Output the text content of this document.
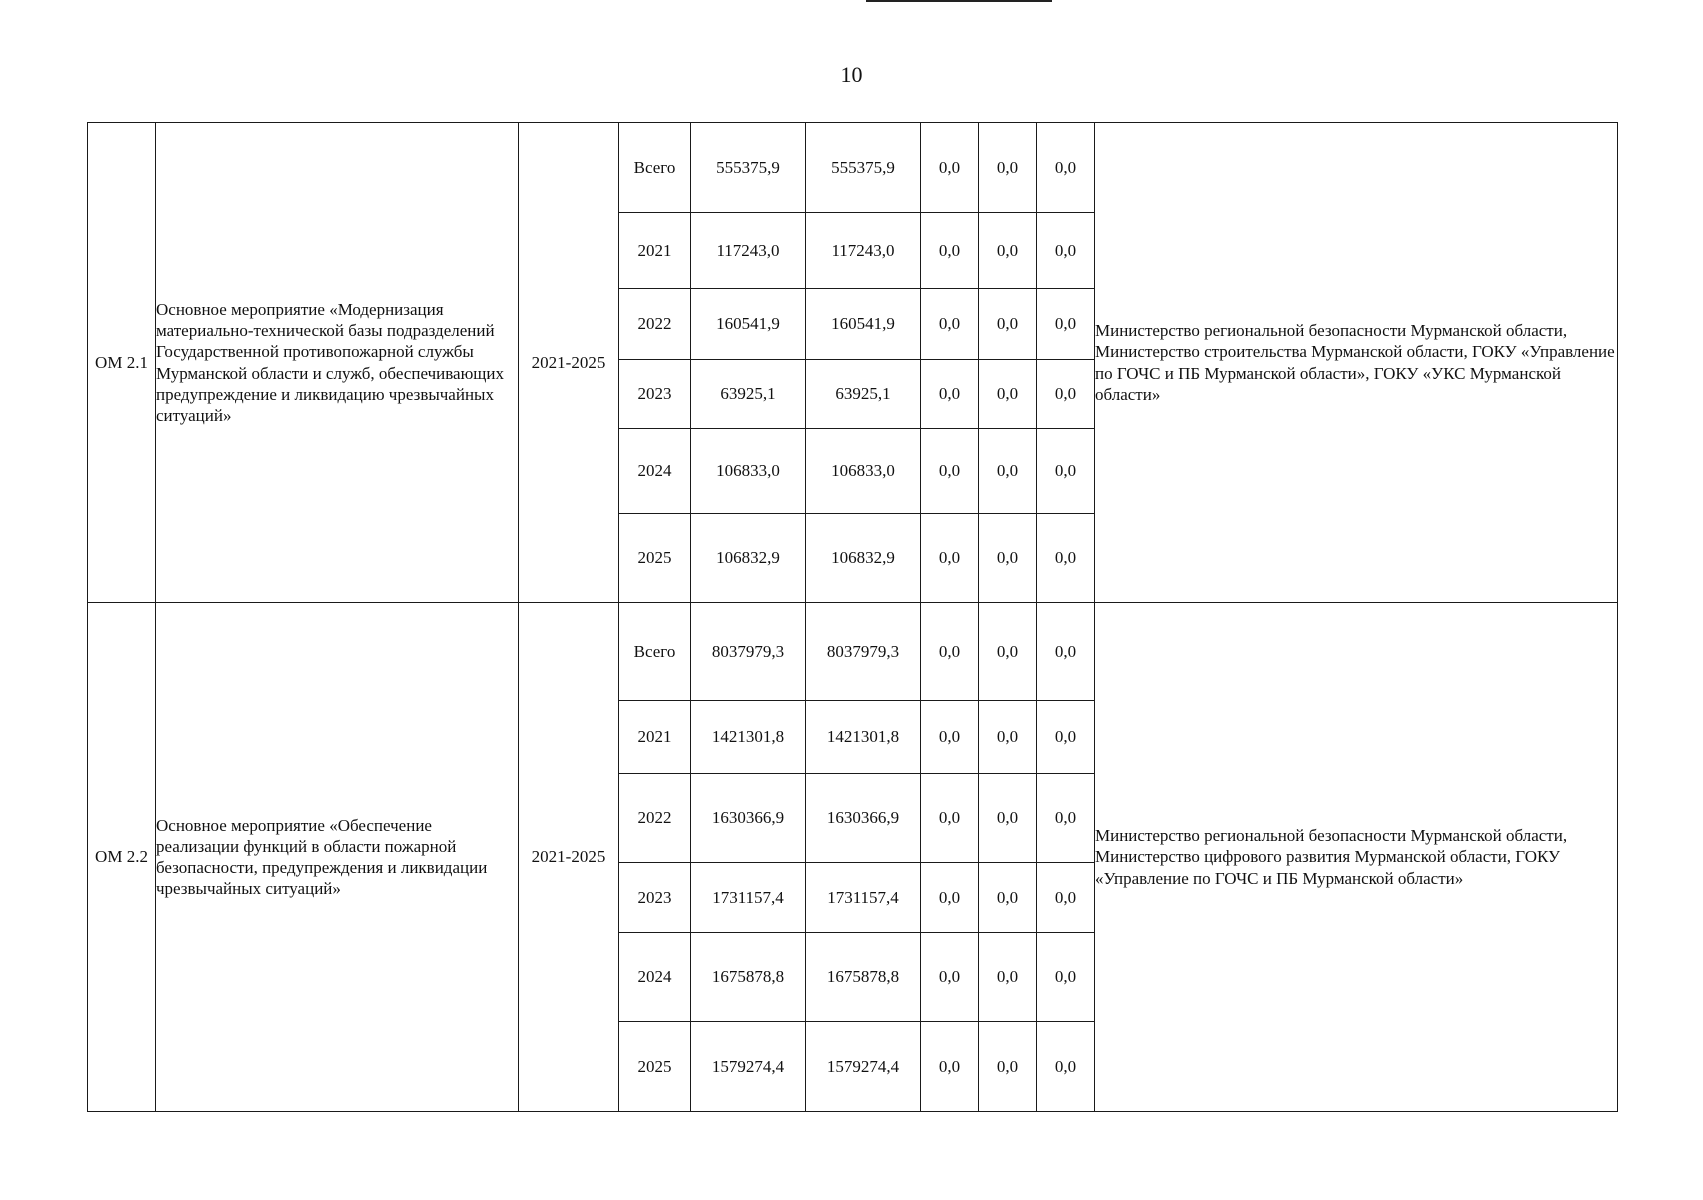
10
ОМ 2.1	Основное мероприятие «Модернизация материально-технической базы подразделений Государственной противопожарной службы Мурманской области и служб, обеспечивающих предупреждение и ликвидацию чрезвычайных ситуаций»	2021-2025	Всего	555375,9	555375,9	0,0	0,0	0,0	Министерство региональной безопасности Мурманской области, Министерство строительства Мурманской области, ГОКУ «Управление по ГОЧС и ПБ Мурманской области», ГОКУ «УКС Мурманской области»
			2021	117243,0	117243,0	0,0	0,0	0,0	
			2022	160541,9	160541,9	0,0	0,0	0,0	
			2023	63925,1	63925,1	0,0	0,0	0,0	
			2024	106833,0	106833,0	0,0	0,0	0,0	
			2025	106832,9	106832,9	0,0	0,0	0,0	
ОМ 2.2	Основное мероприятие «Обеспечение реализации функций в области пожарной безопасности, предупреждения и ликвидации чрезвычайных ситуаций»	2021-2025	Всего	8037979,3	8037979,3	0,0	0,0	0,0	Министерство региональной безопасности Мурманской области, Министерство цифрового развития Мурманской области, ГОКУ «Управление по ГОЧС и ПБ Мурманской области»
			2021	1421301,8	1421301,8	0,0	0,0	0,0	
			2022	1630366,9	1630366,9	0,0	0,0	0,0	
			2023	1731157,4	1731157,4	0,0	0,0	0,0	
			2024	1675878,8	1675878,8	0,0	0,0	0,0	
			2025	1579274,4	1579274,4	0,0	0,0	0,0	
